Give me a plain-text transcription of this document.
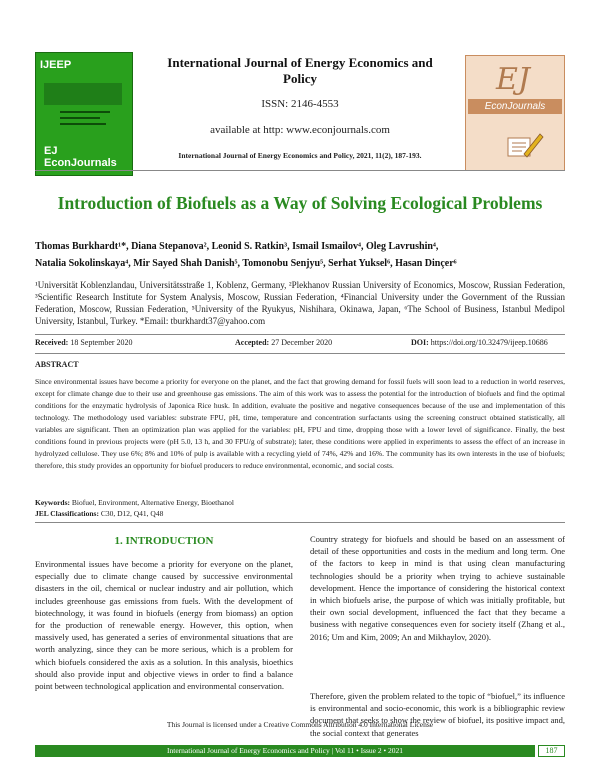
IJEEP
EJ EconJournals
International Journal of Energy Economics and Policy
ISSN: 2146-4553
available at http: www.econjournals.com
International Journal of Energy Economics and Policy, 2021, 11(2), 187-193.
EJ
EconJournals
Introduction of Biofuels as a Way of Solving Ecological Problems
Thomas Burkhardt¹*, Diana Stepanova², Leonid S. Ratkin³, Ismail Ismailov⁴, Oleg Lavrushin⁴,
Natalia Sokolinskaya⁴, Mir Sayed Shah Danish⁵, Tomonobu Senjyu⁵, Serhat Yuksel⁶, Hasan Dinçer⁶
¹Universität Koblenzlandau, Universitätsstraße 1, Koblenz, Germany, ²Plekhanov Russian University of Economics, Moscow, Russian Federation, ³Scientific Research Institute for System Analysis, Moscow, Russian Federation, ⁴Financial University under the Government of the Russian Federation, Moscow, Russian Federation, ⁵University of the Ryukyus, Nishihara, Okinawa, Japan, ⁶The School of Business, Istanbul Medipol University, Istanbul, Turkey. *Email: tburkhardt37@yahoo.com
Received: 18 September 2020	Accepted: 27 December 2020	DOI: https://doi.org/10.32479/ijeep.10686
ABSTRACT
Since environmental issues have become a priority for everyone on the planet, and the fact that growing demand for fossil fuels will soon lead to a reduction in world reserves, except for climate change due to their use and greenhouse gas emissions. The aim of this work was to assess the potential for the introduction of biofuels and find the optimal conditions for the enzymatic hydrolysis of Japonica Rice husk. In addition, evaluate the positive and negative consequences because of the use and implementation of this technology. The methodology used variables: substrate FPU, pH, time, temperature and concentration surfactants using the screening construct obtained statistically, all variables are significant. Then an optimization plan was applied for the variables: pH, FPU and time, dropping those with a lower level of significance. Finally, the best conditions found in previous projects were (pH 5.0, 13 h, and 30 FPU/g of substrate); later, these conditions were applied in experiments to assess the effect of an increase in hydrolyzed cellulose. They use 6%; 8% and 10% of pulp is available with a recycling yield of 74%, 42% and 16%. The community has its own interests in the use of biofuels; therefore, this study provides an opportunity for biofuel producers to reduce environmental, economic, and social costs.
Keywords: Biofuel, Environment, Alternative Energy, Bioethanol
JEL Classifications: C30, D12, Q41, Q48
1. INTRODUCTION
Environmental issues have become a priority for everyone on the planet, especially due to climate change caused by successive environmental disasters in the oil, chemical or nuclear industry and air pollution, which includes greenhouse gas emissions from fuels. With the development of biotechnology, it was found in biofuels (energy from biomass) an option for the production of renewable energy. However, this option, when massively used, has generated a series of environmental situations that are worth analyzing, since they can be more serious, which is a problem for which biofuels considered the axis as a solution. In this analysis, bioethics should also provide input and objective views in order to find a balance point between technological application and environmental conservation.
Country strategy for biofuels and should be based on an assessment of detail of these opportunities and costs in the medium and long term. One of the factors to keep in mind is that using clean manufacturing technologies should be a priority when trying to achieve sustainable development. Hence the importance of considering the historical context in which biofuels arise, the purpose of which was initially profitable, but their own social development, influenced the fact that they became a business with negative consequences even for society itself (Zhang et al., 2016; Um and Kim, 2009; An and Mikhaylov, 2020).
Therefore, given the problem related to the topic of “biofuel,” its influence is environmental and socio-economic, this work is a bibliographic review document that seeks to show the review of biofuel, its positive impact and, the social context that generates
This Journal is licensed under a Creative Commons Attribution 4.0 International License
International Journal of Energy Economics and Policy | Vol 11 • Issue 2 • 2021	187
